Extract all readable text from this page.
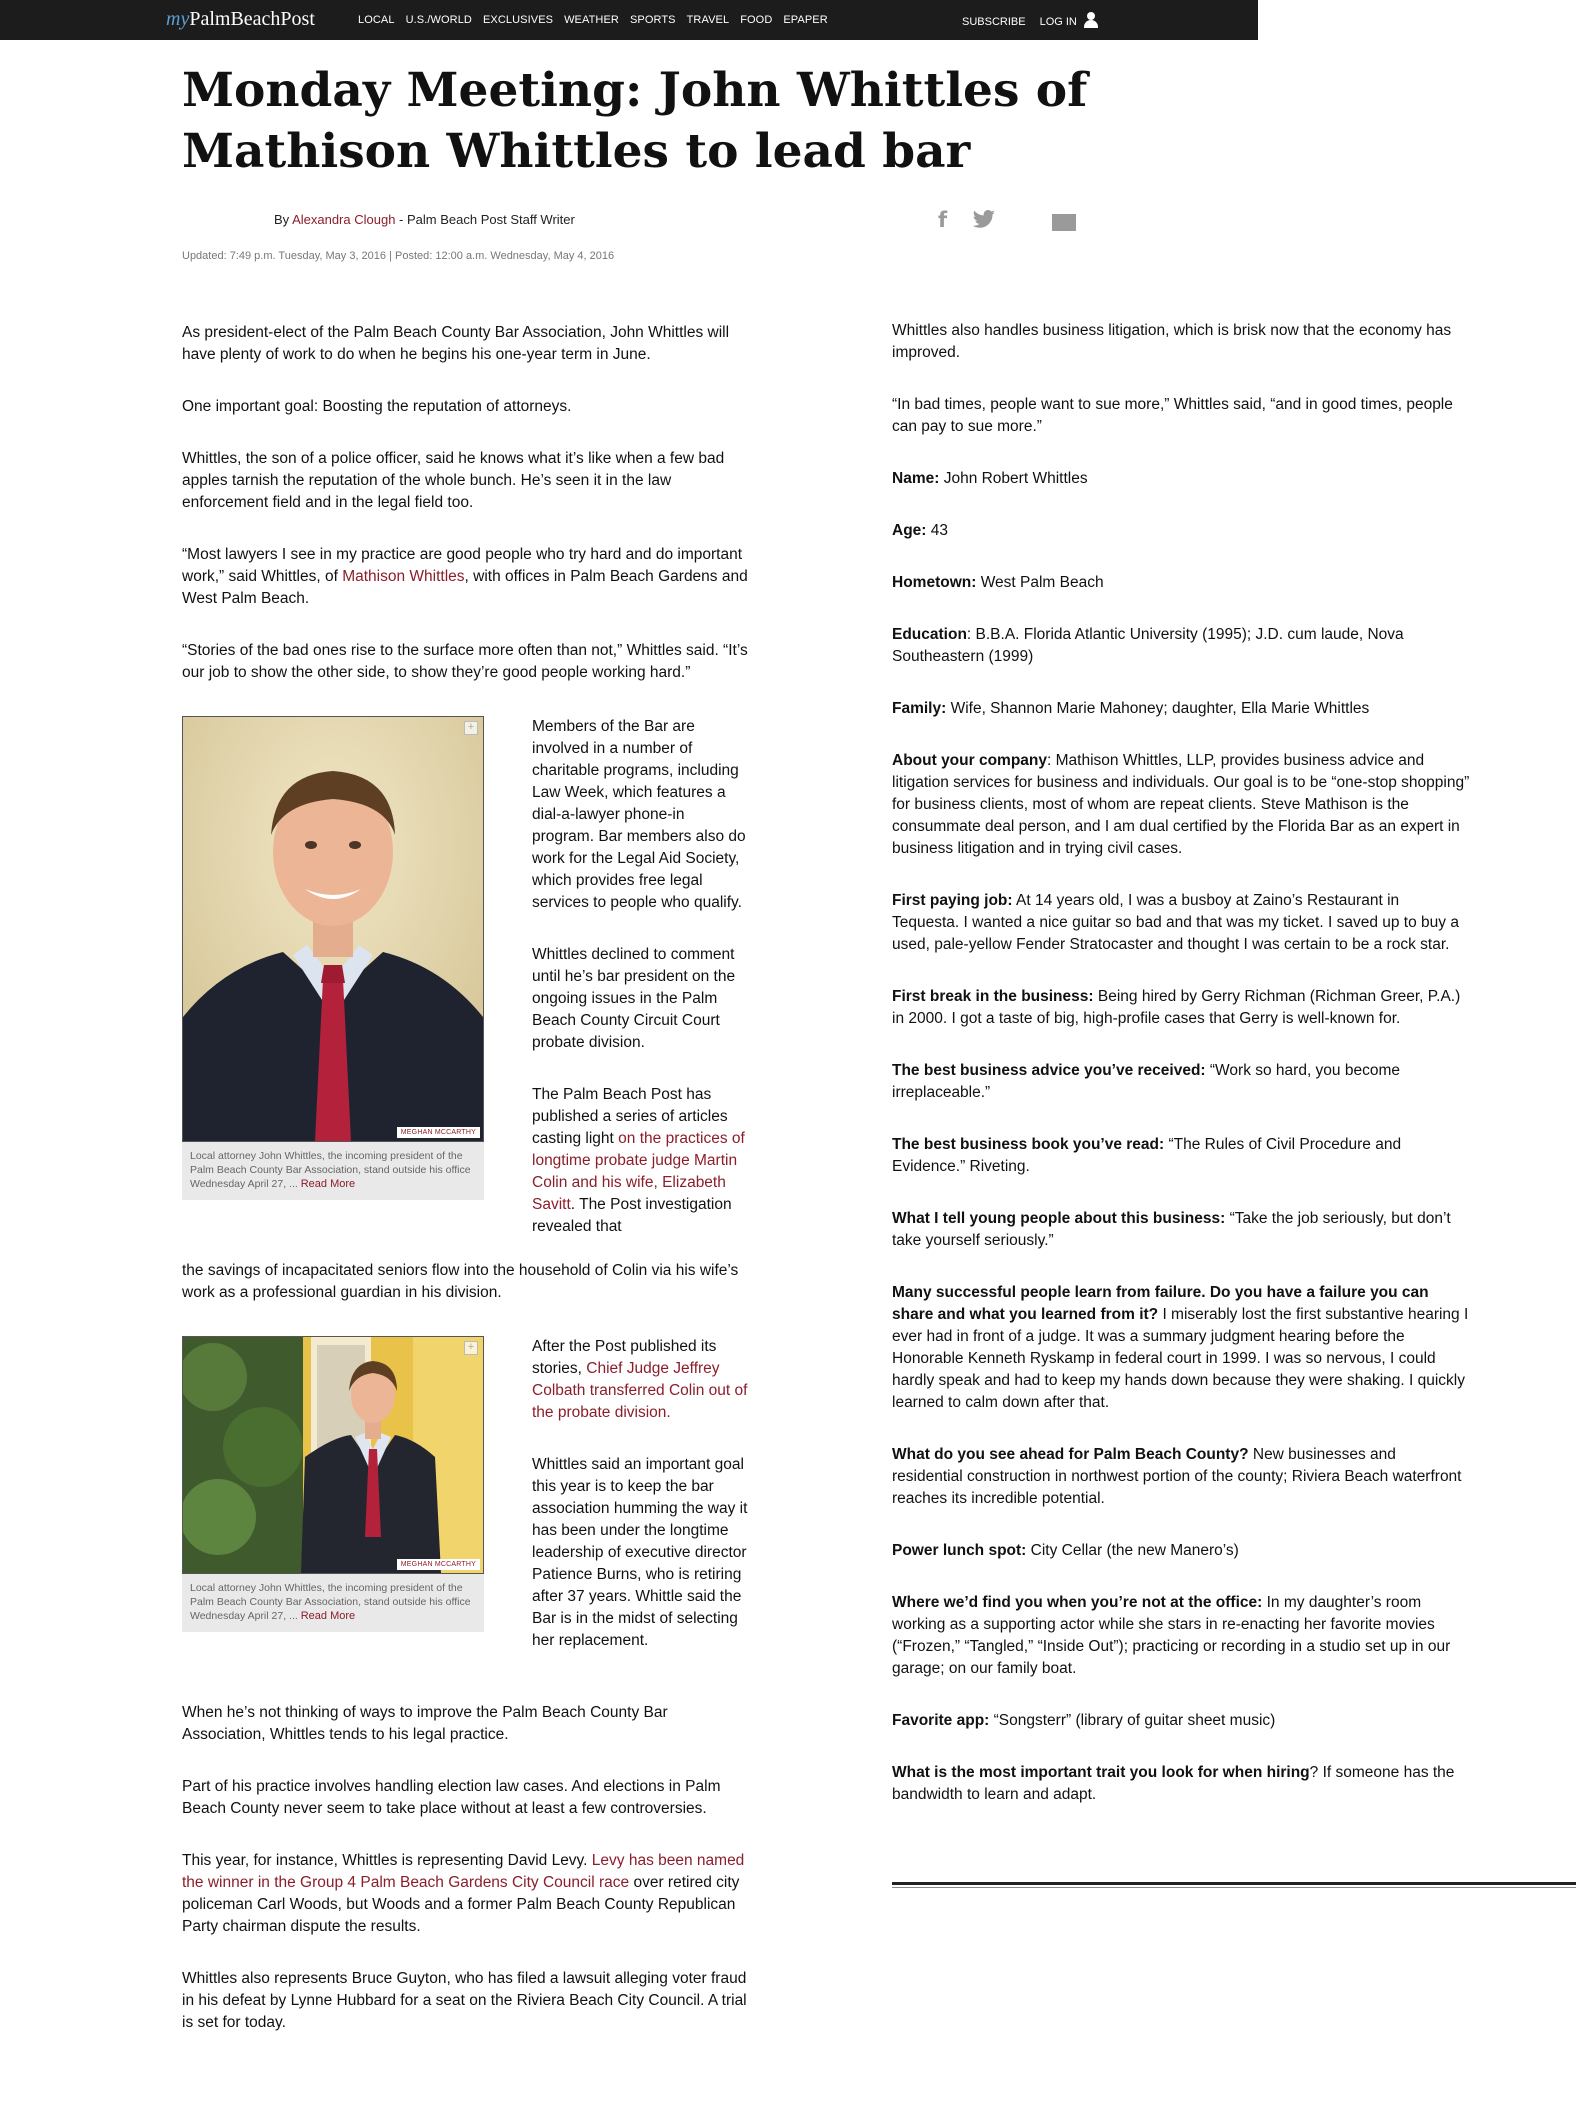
myPalmBeachPost	LOCAL U.S./WORLD EXCLUSIVES WEATHER SPORTS TRAVEL FOOD EPAPER	SUBSCRIBE LOG IN
Monday Meeting: John Whittles of Mathison Whittles to lead bar
By Alexandra Clough - Palm Beach Post Staff Writer	f
Updated: 7:49 p.m. Tuesday, May 3, 2016 | Posted: 12:00 a.m. Wednesday, May 4, 2016

As president-elect of the Palm Beach County Bar Association, John Whittles will have plenty of work to do when he begins his one-year term in June.

One important goal: Boosting the reputation of attorneys.

Whittles, the son of a police officer, said he knows what it’s like when a few bad apples tarnish the reputation of the whole bunch. He’s seen it in the law enforcement field and in the legal field too.

“Most lawyers I see in my practice are good people who try hard and do important work,” said Whittles, of Mathison Whittles, with offices in Palm Beach Gardens and West Palm Beach.

“Stories of the bad ones rise to the surface more often than not,” Whittles said. “It’s our job to show the other side, to show they’re good people working hard.”

+
MEGHAN MCCARTHY
Local attorney John Whittles, the incoming president of the Palm Beach County Bar Association, stand outside his office Wednesday April 27, ... Read More

Members of the Bar are involved in a number of charitable programs, including Law Week, which features a dial-a-lawyer phone-in program. Bar members also do work for the Legal Aid Society, which provides free legal services to people who qualify.

Whittles declined to comment until he’s bar president on the ongoing issues in the Palm Beach County Circuit Court probate division.

The Palm Beach Post has published a series of articles casting light on the practices of longtime probate judge Martin Colin and his wife, Elizabeth Savitt. The Post investigation revealed that

the savings of incapacitated seniors flow into the household of Colin via his wife’s work as a professional guardian in his division.

+
MEGHAN MCCARTHY
Local attorney John Whittles, the incoming president of the Palm Beach County Bar Association, stand outside his office Wednesday April 27, ... Read More

After the Post published its stories, Chief Judge Jeffrey Colbath transferred Colin out of the probate division.

Whittles said an important goal this year is to keep the bar association humming the way it has been under the longtime leadership of executive director Patience Burns, who is retiring after 37 years. Whittle said the Bar is in the midst of selecting her replacement.

When he’s not thinking of ways to improve the Palm Beach County Bar Association, Whittles tends to his legal practice.

Part of his practice involves handling election law cases. And elections in Palm Beach County never seem to take place without at least a few controversies.

This year, for instance, Whittles is representing David Levy. Levy has been named the winner in the Group 4 Palm Beach Gardens City Council race over retired city policeman Carl Woods, but Woods and a former Palm Beach County Republican Party chairman dispute the results.

Whittles also represents Bruce Guyton, who has filed a lawsuit alleging voter fraud in his defeat by Lynne Hubbard for a seat on the Riviera Beach City Council. A trial is set for today.

Whittles also handles business litigation, which is brisk now that the economy has improved.

“In bad times, people want to sue more,” Whittles said, “and in good times, people can pay to sue more.”

Name: John Robert Whittles

Age: 43

Hometown: West Palm Beach

Education: B.B.A. Florida Atlantic University (1995); J.D. cum laude, Nova Southeastern (1999)

Family: Wife, Shannon Marie Mahoney; daughter, Ella Marie Whittles

About your company: Mathison Whittles, LLP, provides business advice and litigation services for business and individuals. Our goal is to be “one-stop shopping” for business clients, most of whom are repeat clients. Steve Mathison is the consummate deal person, and I am dual certified by the Florida Bar as an expert in business litigation and in trying civil cases.

First paying job: At 14 years old, I was a busboy at Zaino’s Restaurant in Tequesta. I wanted a nice guitar so bad and that was my ticket. I saved up to buy a used, pale-yellow Fender Stratocaster and thought I was certain to be a rock star.

First break in the business: Being hired by Gerry Richman (Richman Greer, P.A.) in 2000. I got a taste of big, high-profile cases that Gerry is well-known for.

The best business advice you’ve received: “Work so hard, you become irreplaceable.”

The best business book you’ve read: “The Rules of Civil Procedure and Evidence.” Riveting.

What I tell young people about this business: “Take the job seriously, but don’t take yourself seriously.”

Many successful people learn from failure. Do you have a failure you can share and what you learned from it? I miserably lost the first substantive hearing I ever had in front of a judge. It was a summary judgment hearing before the Honorable Kenneth Ryskamp in federal court in 1999. I was so nervous, I could hardly speak and had to keep my hands down because they were shaking. I quickly learned to calm down after that.

What do you see ahead for Palm Beach County? New businesses and residential construction in northwest portion of the county; Riviera Beach waterfront reaches its incredible potential.

Power lunch spot: City Cellar (the new Manero’s)

Where we’d find you when you’re not at the office: In my daughter’s room working as a supporting actor while she stars in re-enacting her favorite movies (“Frozen,” “Tangled,” “Inside Out”); practicing or recording in a studio set up in our garage; on our family boat.

Favorite app: “Songsterr” (library of guitar sheet music)

What is the most important trait you look for when hiring? If someone has the bandwidth to learn and adapt.
